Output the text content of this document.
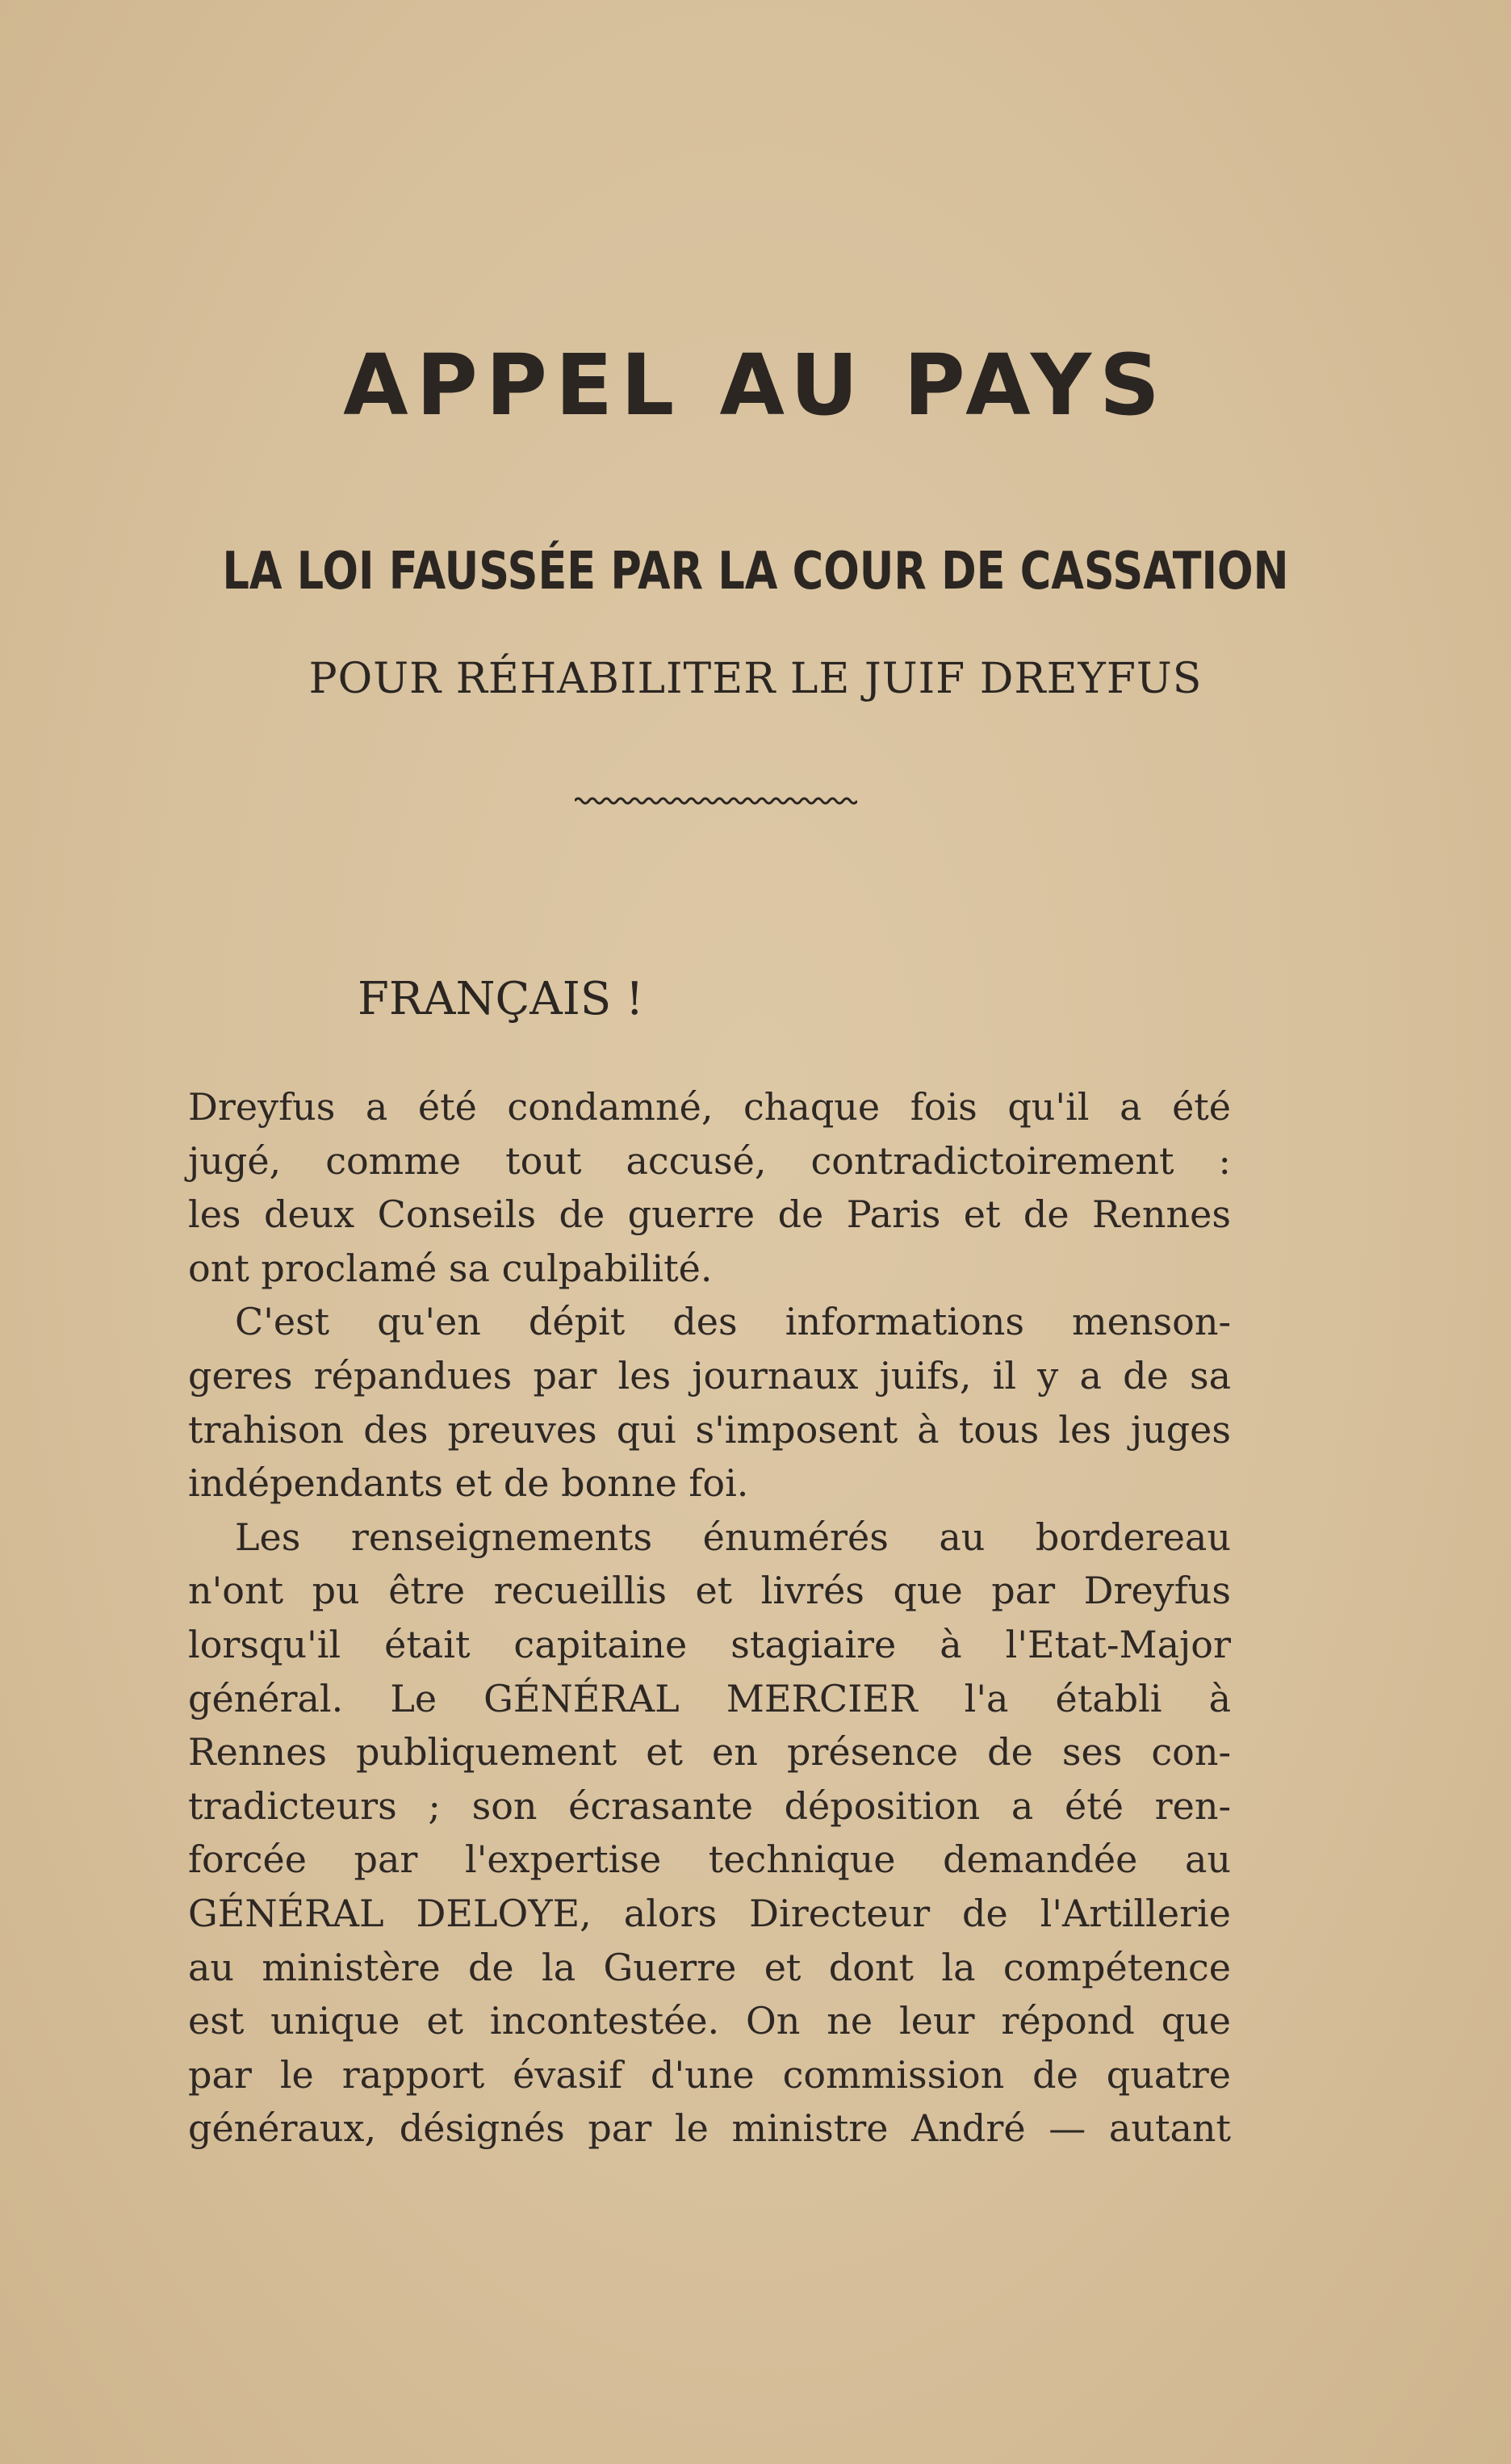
APPEL AU PAYS
LA LOI FAUSSÉE PAR LA COUR DE CASSATION
POUR RÉHABILITER LE JUIF DREYFUS
FRANÇAIS !
Dreyfus a été condamné, chaque fois qu'il a été
jugé, comme tout accusé, contradictoirement :
les deux Conseils de guerre de Paris et de Rennes
ont proclamé sa culpabilité.
C'est qu'en dépit des informations menson-
geres répandues par les journaux juifs, il y a de sa
trahison des preuves qui s'imposent à tous les juges
indépendants et de bonne foi.
Les renseignements énumérés au bordereau
n'ont pu être recueillis et livrés que par Dreyfus
lorsqu'il était capitaine stagiaire à l'Etat-Major
général. Le GÉNÉRAL MERCIER l'a établi à
Rennes publiquement et en présence de ses con-
tradicteurs ; son écrasante déposition a été ren-
forcée par l'expertise technique demandée au
GÉNÉRAL DELOYE, alors Directeur de l'Artillerie
au ministère de la Guerre et dont la compétence
est unique et incontestée. On ne leur répond que
par le rapport évasif d'une commission de quatre
généraux, désignés par le ministre André — autant
